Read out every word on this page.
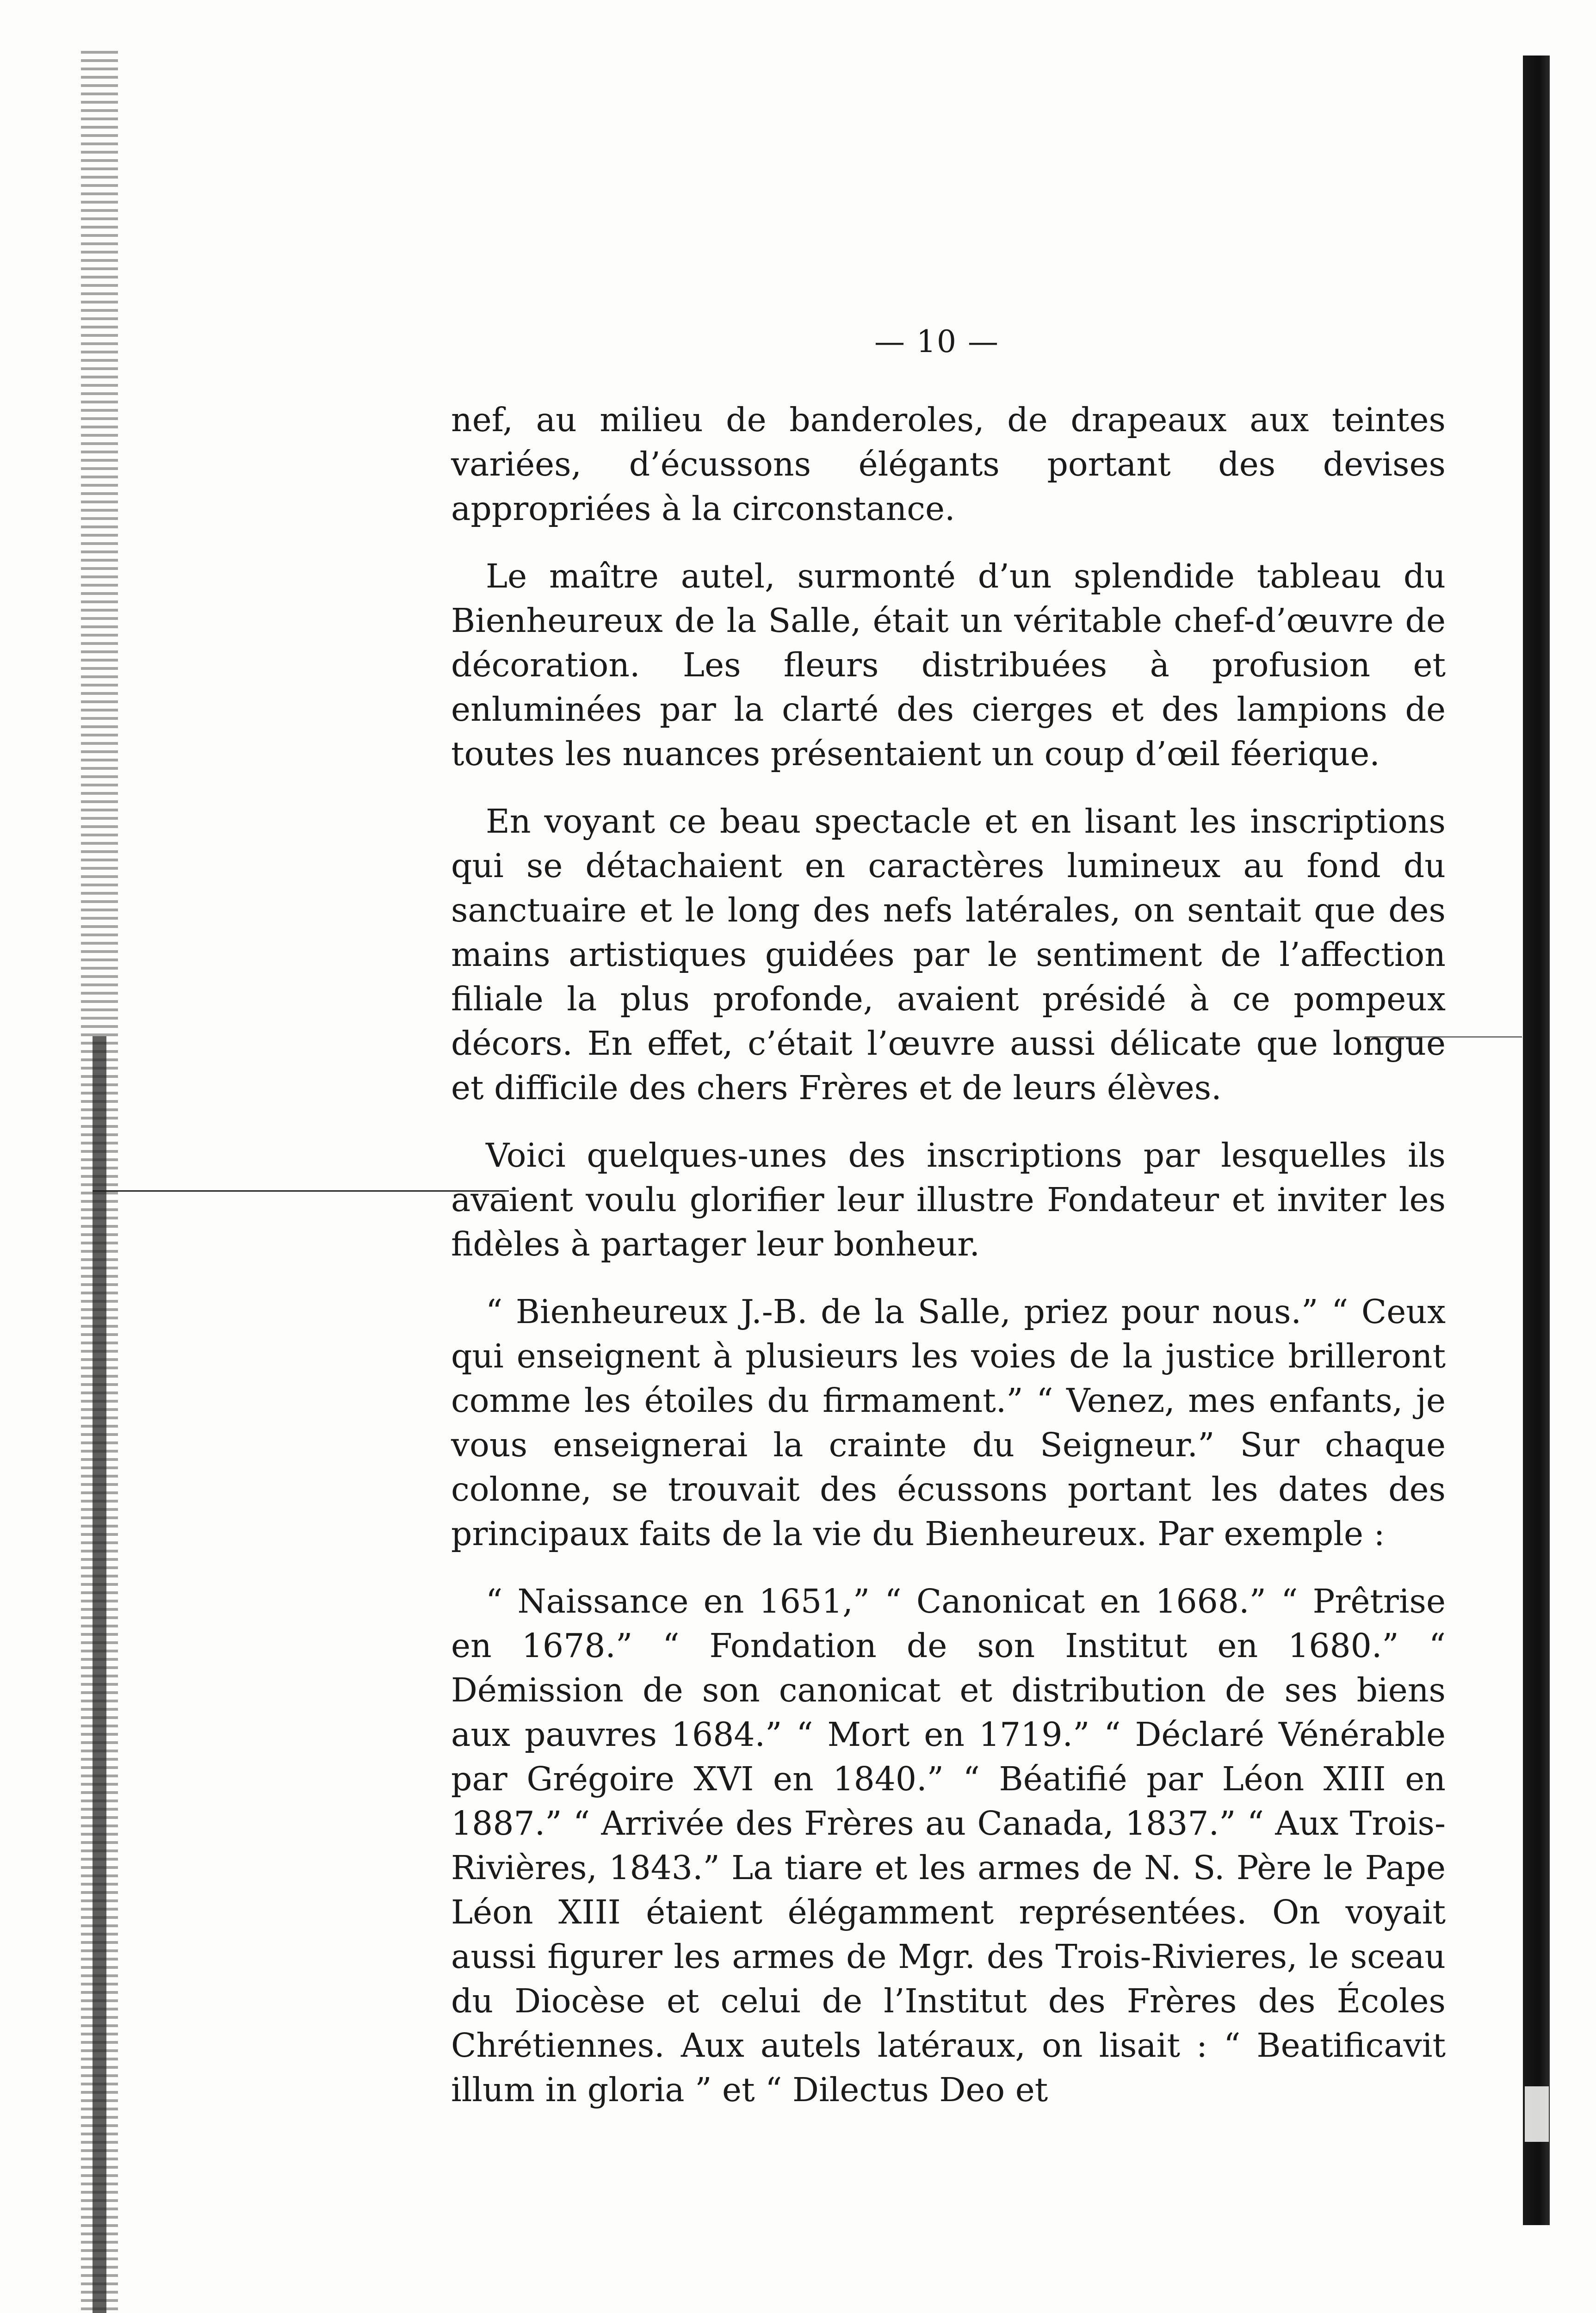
— 10 —

nef, au milieu de banderoles, de drapeaux aux teintes variées, d’écussons élégants portant des devises appropriées à la circonstance.

Le maître autel, surmonté d’un splendide tableau du Bienheureux de la Salle, était un véritable chef-d’œuvre de décoration. Les fleurs distribuées à profusion et enluminées par la clarté des cierges et des lampions de toutes les nuances présentaient un coup d’œil féerique.

En voyant ce beau spectacle et en lisant les inscriptions qui se détachaient en caractères lumineux au fond du sanctuaire et le long des nefs latérales, on sentait que des mains artistiques guidées par le sentiment de l’affection filiale la plus profonde, avaient présidé à ce pompeux décors. En effet, c’était l’œuvre aussi délicate que longue et difficile des chers Frères et de leurs élèves.

Voici quelques-unes des inscriptions par lesquelles ils avaient voulu glorifier leur illustre Fondateur et inviter les fidèles à partager leur bonheur.

“ Bienheureux J.-B. de la Salle, priez pour nous.” “ Ceux qui enseignent à plusieurs les voies de la justice brilleront comme les étoiles du firmament.” “ Venez, mes enfants, je vous enseignerai la crainte du Seigneur.” Sur chaque colonne, se trouvait des écussons portant les dates des principaux faits de la vie du Bienheureux. Par exemple :

“ Naissance en 1651,” “ Canonicat en 1668.” “ Prêtrise en 1678.” “ Fondation de son Institut en 1680.” “ Démission de son canonicat et distribution de ses biens aux pauvres 1684.” “ Mort en 1719.” “ Déclaré Vénérable par Grégoire XVI en 1840.” “ Béatifié par Léon XIII en 1887.” “ Arrivée des Frères au Canada, 1837.” “ Aux Trois-Rivières, 1843.” La tiare et les armes de N. S. Père le Pape Léon XIII étaient élégamment représentées. On voyait aussi figurer les armes de Mgr. des Trois-Rivieres, le sceau du Diocèse et celui de l’Institut des Frères des Écoles Chrétiennes. Aux autels latéraux, on lisait : “ Beatificavit illum in gloria ” et “ Dilectus Deo et
